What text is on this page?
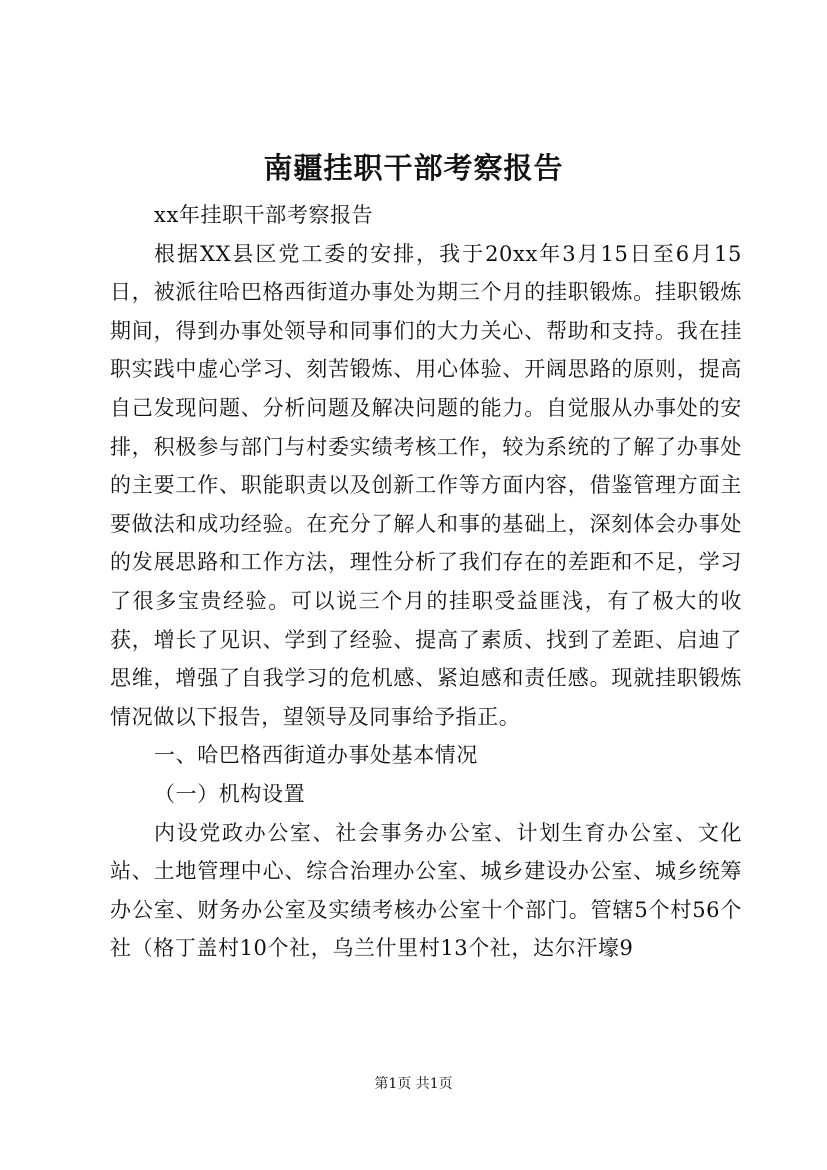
南疆挂职干部考察报告

xx年挂职干部考察报告

根据XX县区党工委的安排，我于20xx年3月15日至6月15日，被派往哈巴格西街道办事处为期三个月的挂职锻炼。挂职锻炼期间，得到办事处领导和同事们的大力关心、帮助和支持。我在挂职实践中虚心学习、刻苦锻炼、用心体验、开阔思路的原则，提高自己发现问题、分析问题及解决问题的能力。自觉服从办事处的安排，积极参与部门与村委实绩考核工作，较为系统的了解了办事处的主要工作、职能职责以及创新工作等方面内容，借鉴管理方面主要做法和成功经验。在充分了解人和事的基础上，深刻体会办事处的发展思路和工作方法，理性分析了我们存在的差距和不足，学习了很多宝贵经验。可以说三个月的挂职受益匪浅，有了极大的收获，增长了见识、学到了经验、提高了素质、找到了差距、启迪了思维，增强了自我学习的危机感、紧迫感和责任感。现就挂职锻炼情况做以下报告，望领导及同事给予指正。

一、哈巴格西街道办事处基本情况

（一）机构设置

内设党政办公室、社会事务办公室、计划生育办公室、文化站、土地管理中心、综合治理办公室、城乡建设办公室、城乡统筹办公室、财务办公室及实绩考核办公室十个部门。管辖5个村56个社（格丁盖村10个社，乌兰什里村13个社，达尔汗壕9

第1页 共1页
